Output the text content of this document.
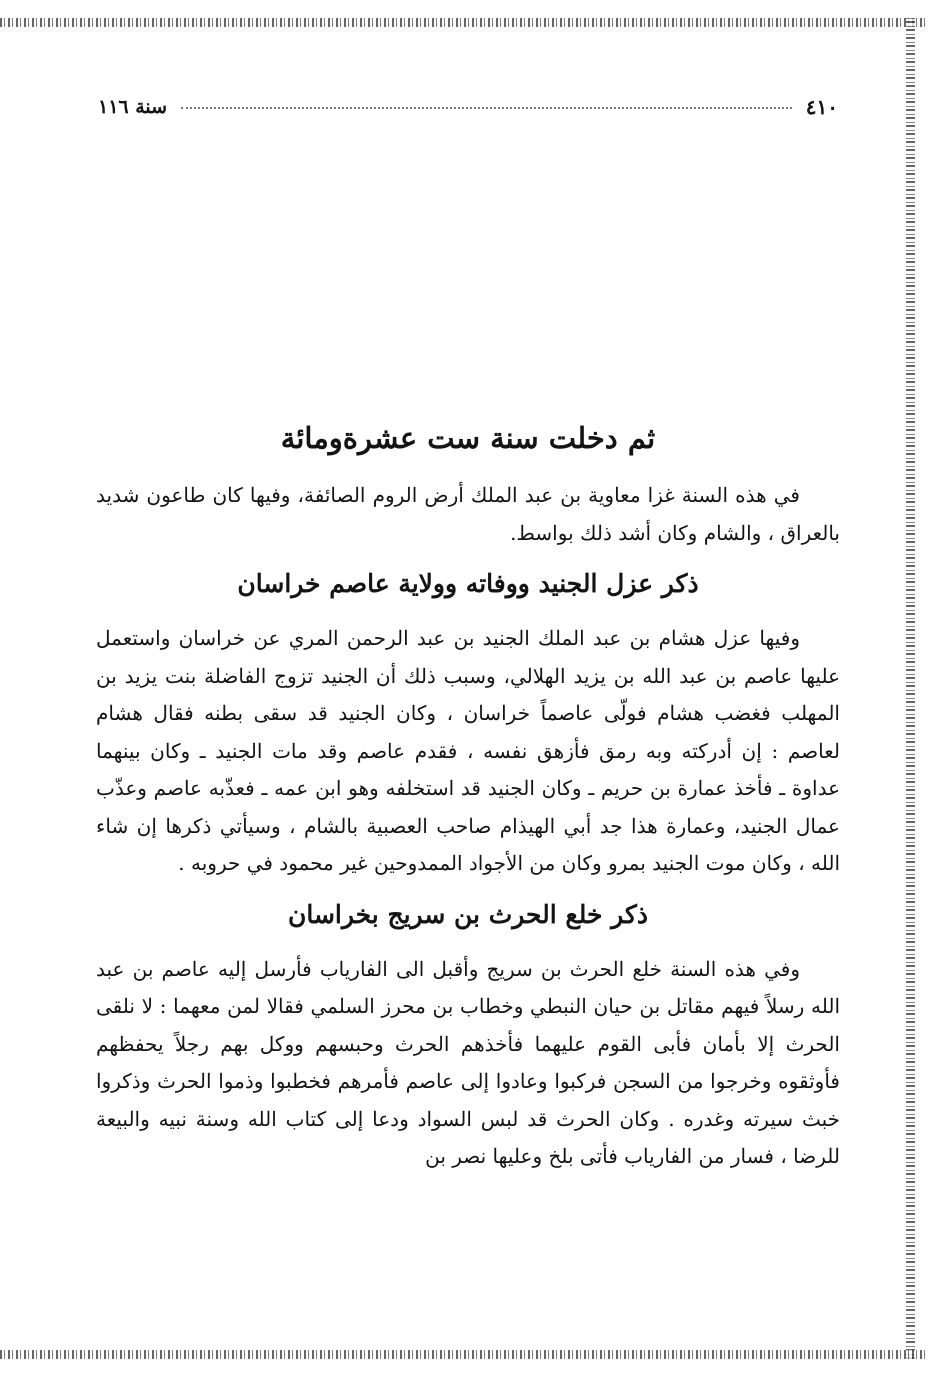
٤١٠
سنة ١١٦
ثم دخلت سنة ست عشرةومائة

في هذه السنة غزا معاوية بن عبد الملك أرض الروم الصائفة، وفيها كان طاعون شديد بالعراق ، والشام وكان أشد ذلك بواسط.

ذكر عزل الجنيد ووفاته وولاية عاصم خراسان

وفيها عزل هشام بن عبد الملك الجنيد بن عبد الرحمن المري عن خراسان واستعمل عليها عاصم بن عبد الله بن يزيد الهلالي، وسبب ذلك أن الجنيد تزوج الفاضلة بنت يزيد بن المهلب فغضب هشام فولّى عاصماً خراسان ، وكان الجنيد قد سقى بطنه فقال هشام لعاصم : إن أدركته وبه رمق فأزهق نفسه ، فقدم عاصم وقد مات الجنيد ـ وكان بينهما عداوة ـ فأخذ عمارة بن حريم ـ وكان الجنيد قد استخلفه وهو ابن عمه ـ فعذّبه عاصم وعذّب عمال الجنيد، وعمارة هذا جد أبي الهيذام صاحب العصبية بالشام ، وسيأتي ذكرها إن شاء الله ، وكان موت الجنيد بمرو وكان من الأجواد الممدوحين غير محمود في حروبه .

ذكر خلع الحرث بن سريج بخراسان

وفي هذه السنة خلع الحرث بن سريج وأقبل الى الفارياب فأرسل إليه عاصم بن عبد الله رسلاً فيهم مقاتل بن حيان النبطي وخطاب بن محرز السلمي فقالا لمن معهما : لا نلقى الحرث إلا بأمان فأبى القوم عليهما فأخذهم الحرث وحبسهم ووكل بهم رجلاً يحفظهم فأوثقوه وخرجوا من السجن فركبوا وعادوا إلى عاصم فأمرهم فخطبوا وذموا الحرث وذكروا خبث سيرته وغدره . وكان الحرث قد لبس السواد ودعا إلى كتاب الله وسنة نبيه والبيعة للرضا ، فسار من الفارياب فأتى بلخ وعليها نصر بن
